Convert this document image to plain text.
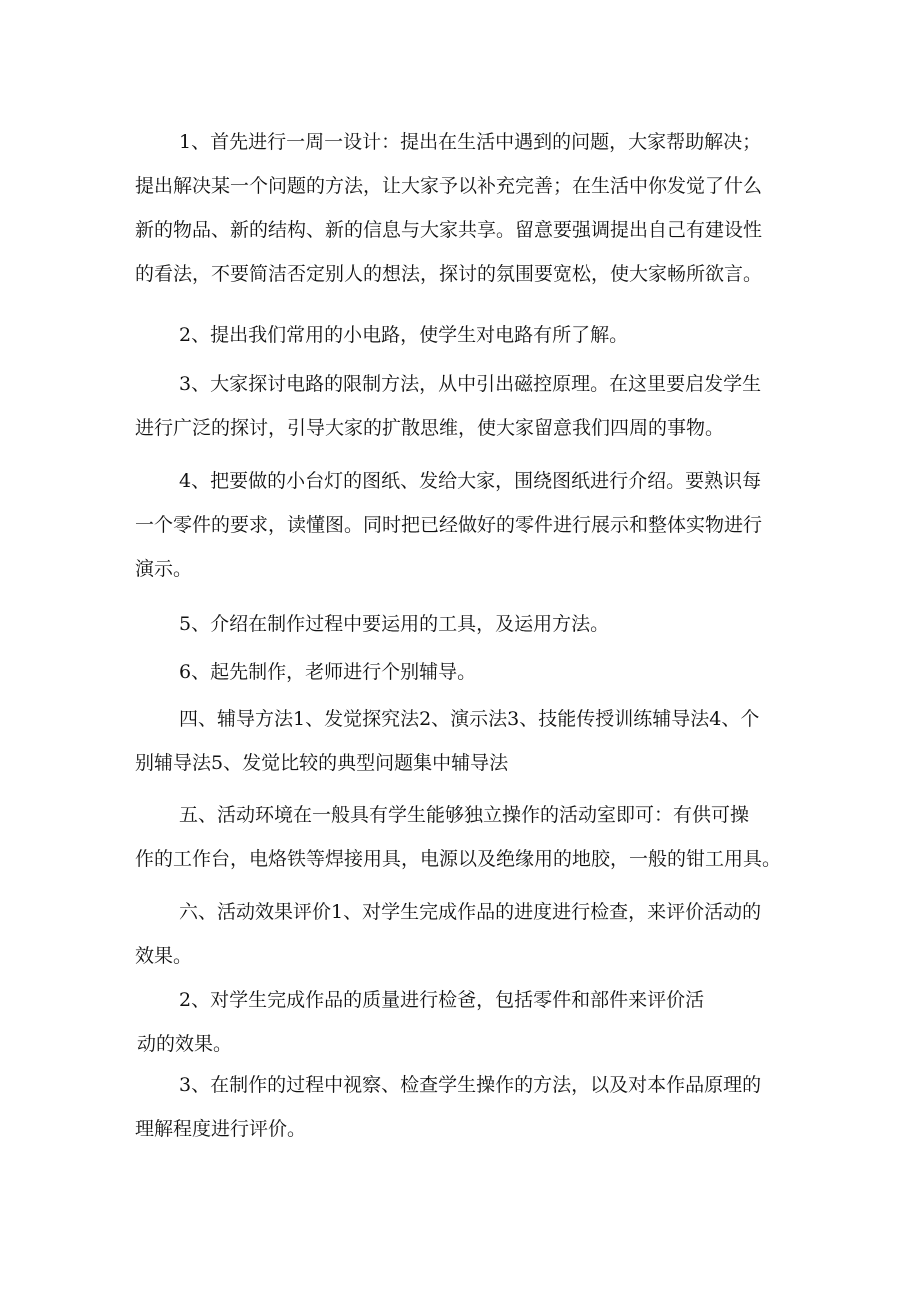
1、首先进行一周一设计：提出在生活中遇到的问题，大家帮助解决；
提出解决某一个问题的方法，让大家予以补充完善；在生活中你发觉了什么
新的物品、新的结构、新的信息与大家共享。留意要强调提出自己有建设性
的看法，不要简洁否定别人的想法，探讨的氛围要宽松，使大家畅所欲言。
2、提出我们常用的小电路，使学生对电路有所了解。
3、大家探讨电路的限制方法，从中引出磁控原理。在这里要启发学生
进行广泛的探讨，引导大家的扩散思维，使大家留意我们四周的事物。
4、把要做的小台灯的图纸、发给大家，围绕图纸进行介绍。要熟识每
一个零件的要求，读懂图。同时把已经做好的零件进行展示和整体实物进行
演示。
5、介绍在制作过程中要运用的工具，及运用方法。
6、起先制作，老师进行个别辅导。
四、辅导方法1、发觉探究法2、演示法3、技能传授训练辅导法4、个
别辅导法5、发觉比较的典型问题集中辅导法
五、活动环境在一般具有学生能够独立操作的活动室即可：有供可操
作的工作台，电烙铁等焊接用具，电源以及绝缘用的地胶，一般的钳工用具。
六、活动效果评价1、对学生完成作品的进度进行检查，来评价活动的
效果。
2、对学生完成作品的质量进行检爸，包括零件和部件来评价活
动的效果。
3、在制作的过程中视察、检查学生操作的方法，以及对本作品原理的
理解程度进行评价。
